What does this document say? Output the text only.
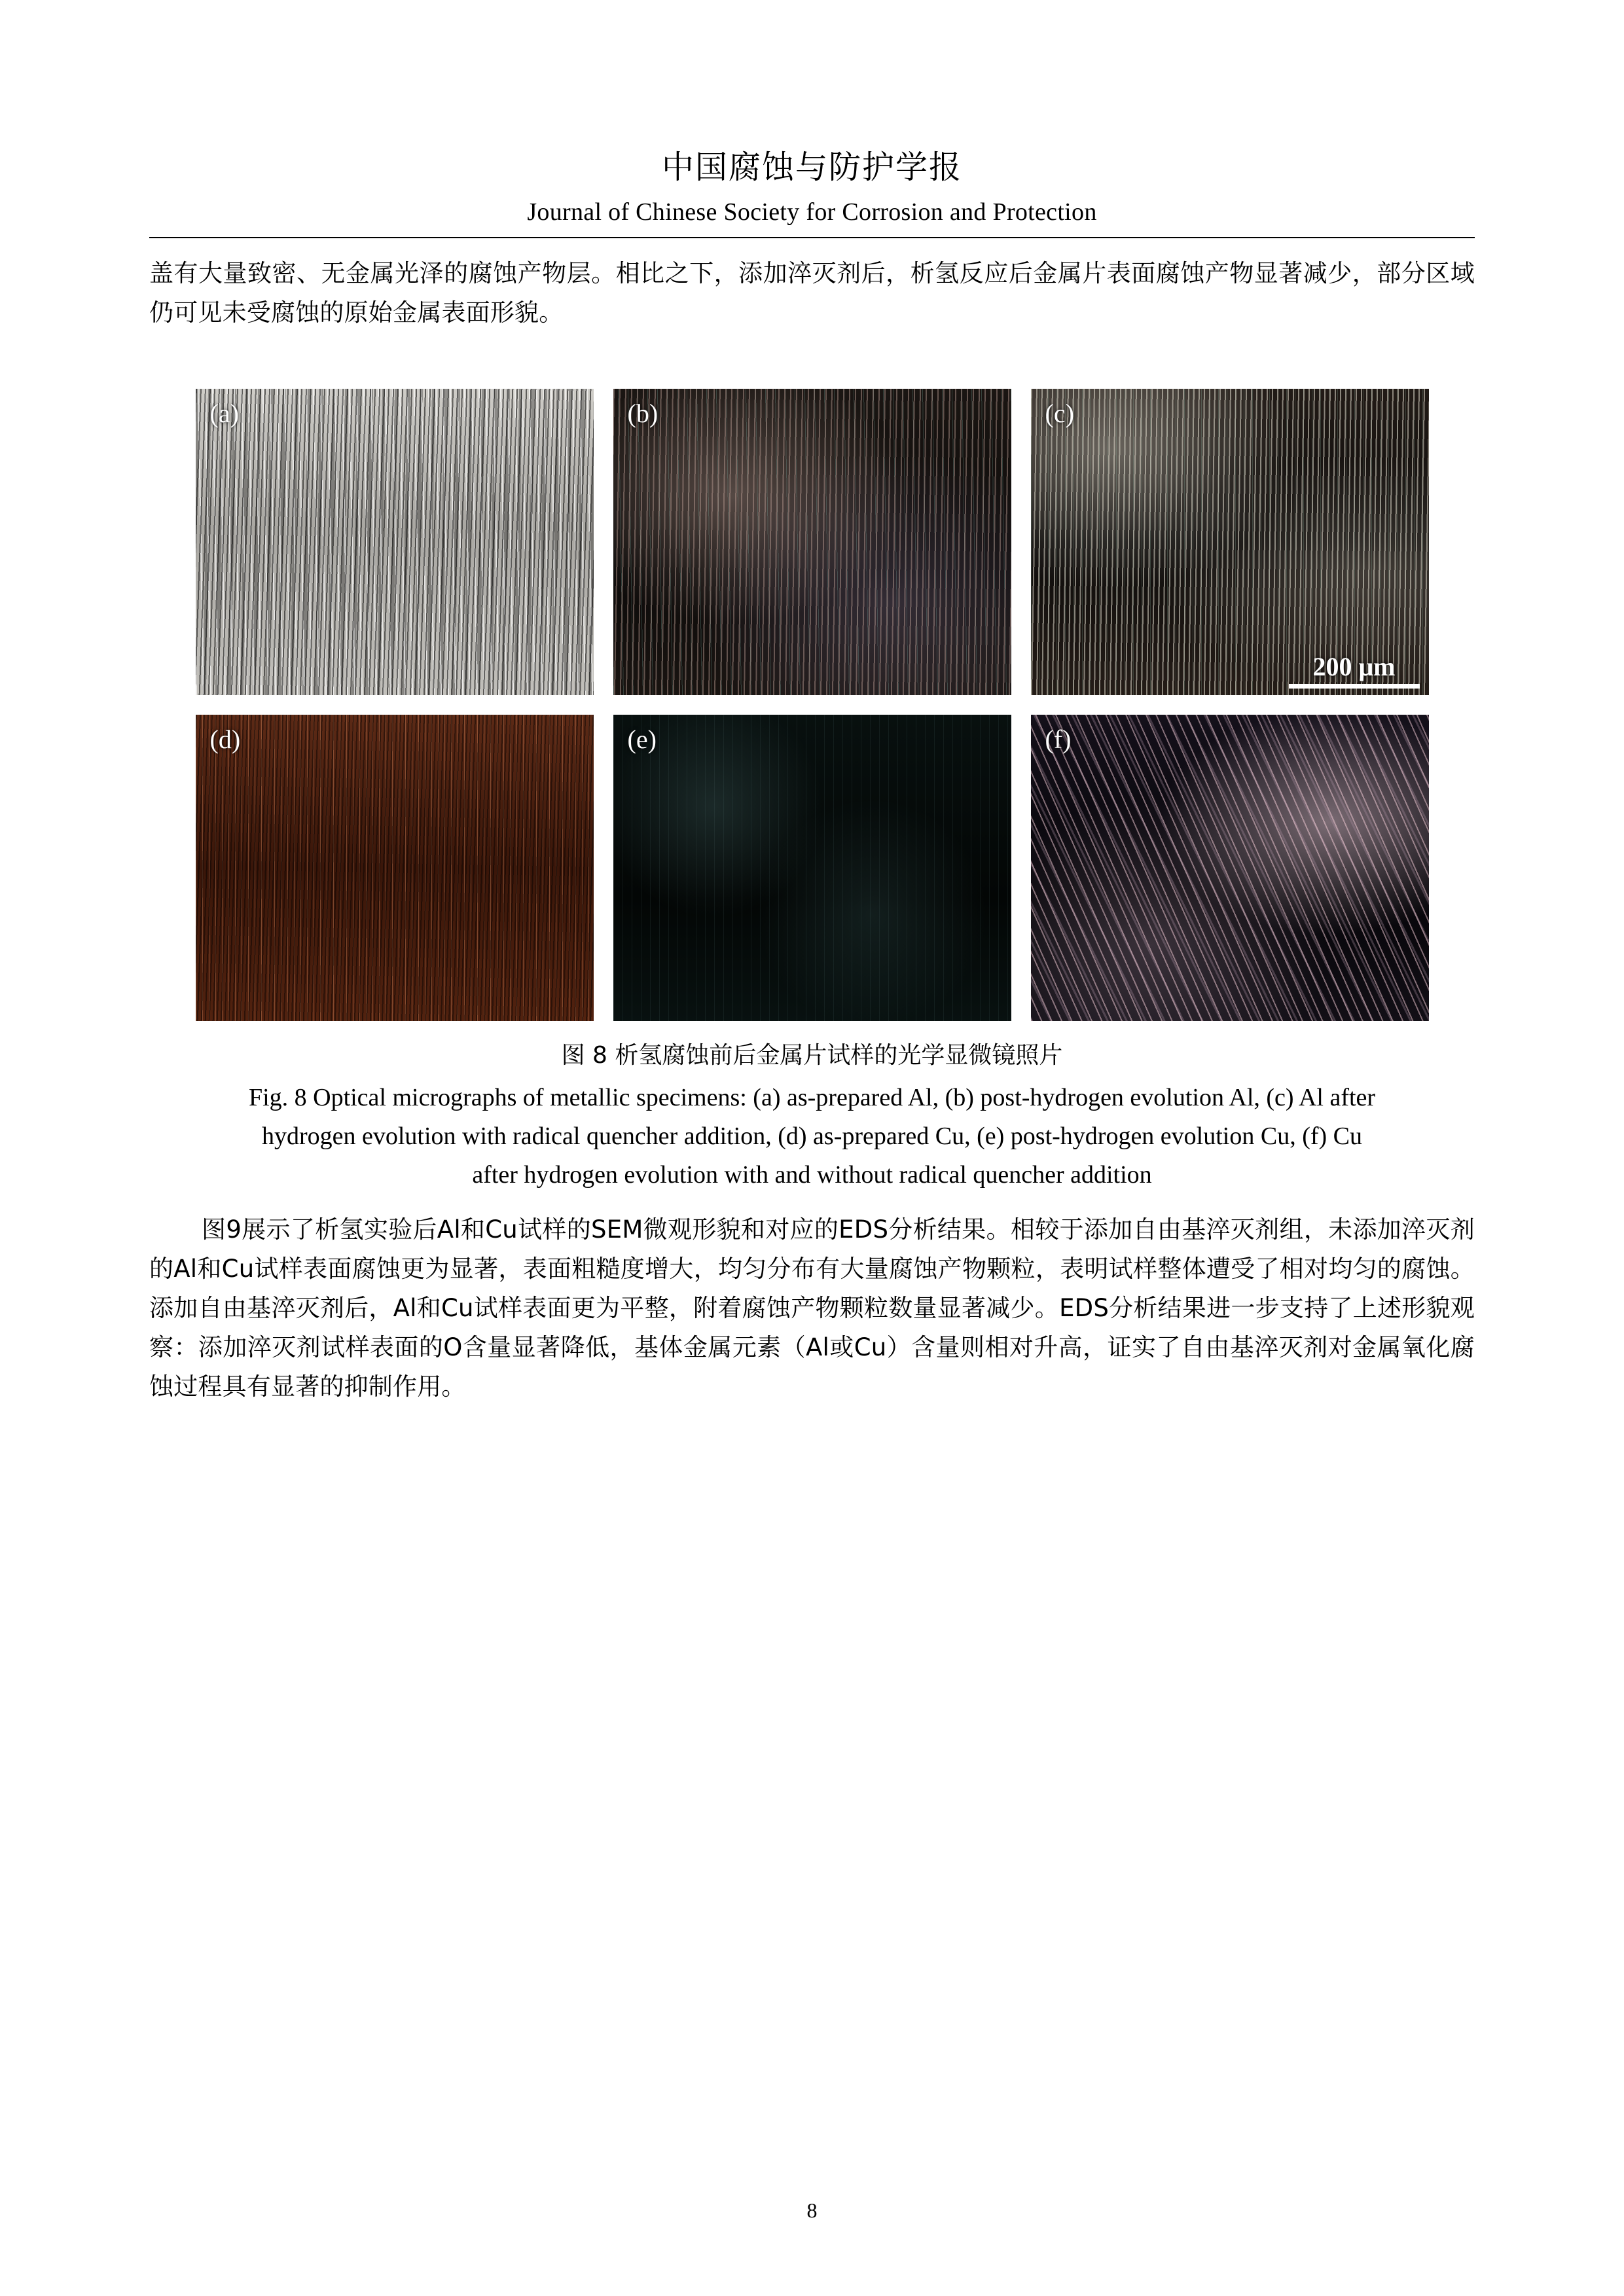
中国腐蚀与防护学报
Journal of Chinese Society for Corrosion and Protection

盖有大量致密、无金属光泽的腐蚀产物层。相比之下，添加淬灭剂后，析氢反应后金属片表面腐蚀产物显著减少，部分区域仍可见未受腐蚀的原始金属表面形貌。

(a)	(b)	(c)
200 μm
(d)	(e)	(f)
图 8 析氢腐蚀前后金属片试样的光学显微镜照片
Fig. 8 Optical micrographs of metallic specimens: (a) as-prepared Al, (b) post-hydrogen evolution Al, (c) Al after
hydrogen evolution with radical quencher addition, (d) as-prepared Cu, (e) post-hydrogen evolution Cu, (f) Cu
after hydrogen evolution with and without radical quencher addition

图9展示了析氢实验后Al和Cu试样的SEM微观形貌和对应的EDS分析结果。相较于添加自由基淬灭剂组，未添加淬灭剂的Al和Cu试样表面腐蚀更为显著，表面粗糙度增大，均匀分布有大量腐蚀产物颗粒，表明试样整体遭受了相对均匀的腐蚀。添加自由基淬灭剂后，Al和Cu试样表面更为平整，附着腐蚀产物颗粒数量显著减少。EDS分析结果进一步支持了上述形貌观察：添加淬灭剂试样表面的O含量显著降低，基体金属元素（Al或Cu）含量则相对升高，证实了自由基淬灭剂对金属氧化腐蚀过程具有显著的抑制作用。

8
